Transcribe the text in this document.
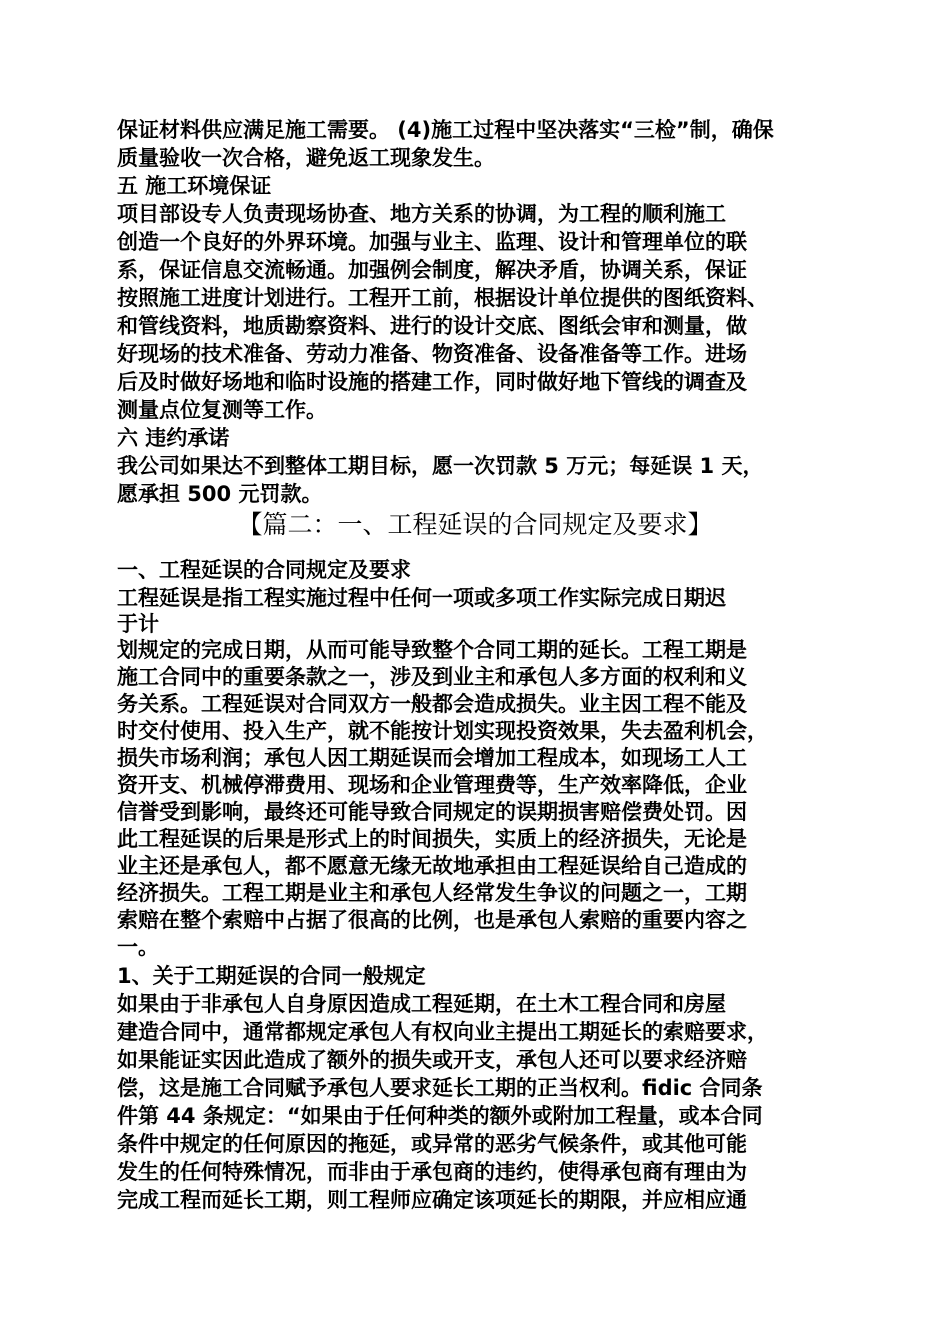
保证材料供应满足施工需要。 (4)施工过程中坚决落实“三检”制，确保
质量验收一次合格，避免返工现象发生。
五 施工环境保证
项目部设专人负责现场协查、地方关系的协调，为工程的顺利施工
创造一个良好的外界环境。加强与业主、监理、设计和管理单位的联
系，保证信息交流畅通。加强例会制度，解决矛盾，协调关系，保证
按照施工进度计划进行。工程开工前，根据设计单位提供的图纸资料、
和管线资料，地质勘察资料、进行的设计交底、图纸会审和测量，做
好现场的技术准备、劳动力准备、物资准备、设备准备等工作。进场
后及时做好场地和临时设施的搭建工作，同时做好地下管线的调查及
测量点位复测等工作。
六 违约承诺
我公司如果达不到整体工期目标，愿一次罚款 5 万元；每延误 1 天，
愿承担 500 元罚款。
【篇二：一、工程延误的合同规定及要求】
一、工程延误的合同规定及要求
工程延误是指工程实施过程中任何一项或多项工作实际完成日期迟
于计
划规定的完成日期，从而可能导致整个合同工期的延长。工程工期是
施工合同中的重要条款之一，涉及到业主和承包人多方面的权利和义
务关系。工程延误对合同双方一般都会造成损失。业主因工程不能及
时交付使用、投入生产，就不能按计划实现投资效果，失去盈利机会，
损失市场利润；承包人因工期延误而会增加工程成本，如现场工人工
资开支、机械停滞费用、现场和企业管理费等，生产效率降低，企业
信誉受到影响，最终还可能导致合同规定的误期损害赔偿费处罚。因
此工程延误的后果是形式上的时间损失，实质上的经济损失，无论是
业主还是承包人，都不愿意无缘无故地承担由工程延误给自己造成的
经济损失。工程工期是业主和承包人经常发生争议的问题之一，工期
索赔在整个索赔中占据了很高的比例，也是承包人索赔的重要内容之
一。
1、关于工期延误的合同一般规定
如果由于非承包人自身原因造成工程延期，在土木工程合同和房屋
建造合同中，通常都规定承包人有权向业主提出工期延长的索赔要求，
如果能证实因此造成了额外的损失或开支，承包人还可以要求经济赔
偿，这是施工合同赋予承包人要求延长工期的正当权利。fidic 合同条
件第 44 条规定：“如果由于任何种类的额外或附加工程量，或本合同
条件中规定的任何原因的拖延，或异常的恶劣气候条件，或其他可能
发生的任何特殊情况，而非由于承包商的违约，使得承包商有理由为
完成工程而延长工期，则工程师应确定该项延长的期限，并应相应通
